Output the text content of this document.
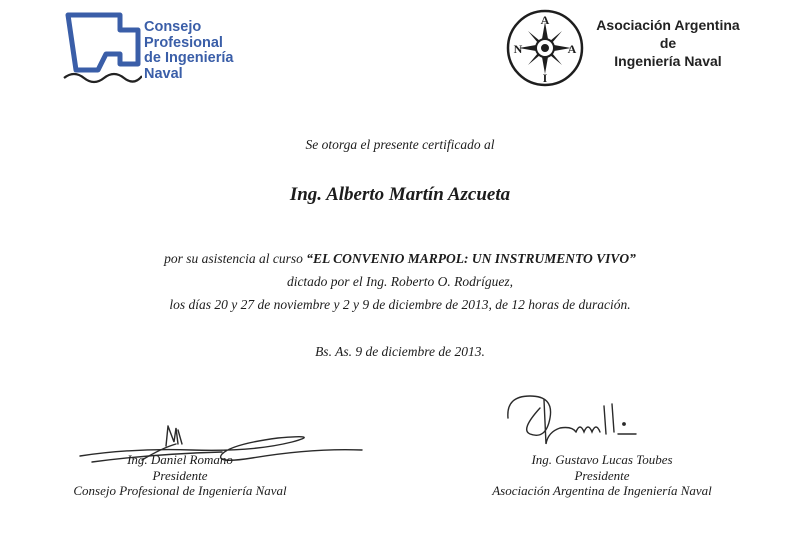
Consejo
Profesional
de Ingeniería
Naval
A
N	A
I
Asociación Argentina
de
Ingeniería Naval
Se otorga el presente certificado al
Ing. Alberto Martín Azcueta
por su asistencia al curso “EL CONVENIO MARPOL: UN INSTRUMENTO VIVO”
dictado por el Ing. Roberto O. Rodríguez,
los días 20 y 27 de noviembre y 2 y 9 de diciembre de 2013, de 12 horas de duración.
Bs. As. 9 de diciembre de 2013.
Ing. Daniel Romano
Presidente
Consejo Profesional de Ingeniería Naval
Ing. Gustavo Lucas Toubes
Presidente
Asociación Argentina de Ingeniería Naval
